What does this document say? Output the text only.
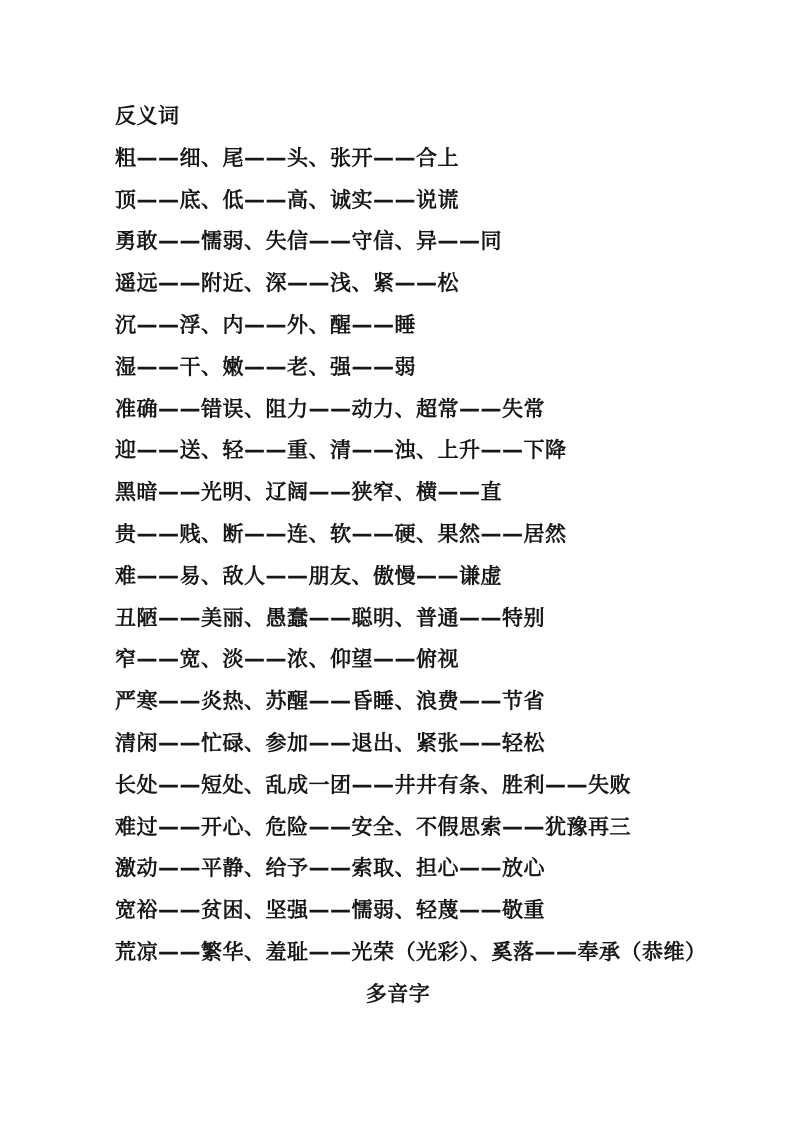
反义词

粗——细、尾——头、张开——合上

顶——底、低——高、诚实——说谎

勇敢——懦弱、失信——守信、异——同

遥远——附近、深——浅、紧——松

沉——浮、内——外、醒——睡

湿——干、嫩——老、强——弱

准确——错误、阻力——动力、超常——失常

迎——送、轻——重、清——浊、上升——下降

黑暗——光明、辽阔——狭窄、横——直

贵——贱、断——连、软——硬、果然——居然

难——易、敌人——朋友、傲慢——谦虚

丑陋——美丽、愚蠢——聪明、普通——特别

窄——宽、淡——浓、仰望——俯视

严寒——炎热、苏醒——昏睡、浪费——节省

清闲——忙碌、参加——退出、紧张——轻松

长处——短处、乱成一团——井井有条、胜利——失败

难过——开心、危险——安全、不假思索——犹豫再三

激动——平静、给予——索取、担心——放心

宽裕——贫困、坚强——懦弱、轻蔑——敬重

荒凉——繁华、羞耻——光荣（光彩）、奚落——奉承（恭维）

多音字
